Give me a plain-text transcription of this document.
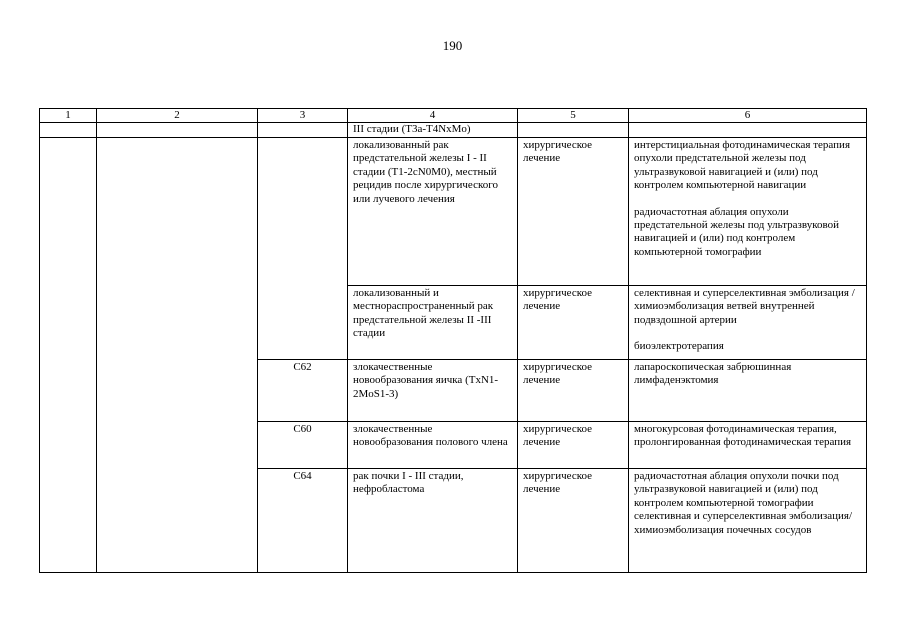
190
1	2	3	4	5	6
			III стадии (T3a-T4NxMo)		
			локализованный рак предстательной железы I - II стадии (T1-2cN0M0), местный рецидив после хирургического или лучевого лечения	хирургическое лечение	интерстициальная фотодинамическая терапия опухоли предстательной железы под ультразвуковой навигацией и (или) под контролем компьютерной навигации
радиочастотная аблация опухоли предстательной железы под ультразвуковой навигацией и (или) под контролем компьютерной томографии

			локализованный и местнораспространенный рак предстательной железы II -III стадии	хирургическое лечение	селективная и суперселективная эмболизация /химиоэмболизация ветвей внутренней подвздошной артерии
биоэлектротерапия

		C62	злокачественные новообразования яичка (TxN1-2MoS1-3)	хирургическое лечение	лапароскопическая забрюшинная лимфаденэктомия

		C60	злокачественные новообразования полового члена	хирургическое лечение	многокурсовая фотодинамическая терапия, пролонгированная фотодинамическая терапия

		C64	рак почки I - III стадии, нефробластома	хирургическое лечение	радиочастотная аблация опухоли почки под ультразвуковой навигацией и (или) под контролем компьютерной томографии
селективная и суперселективная эмболизация/химиоэмболизация почечных сосудов
